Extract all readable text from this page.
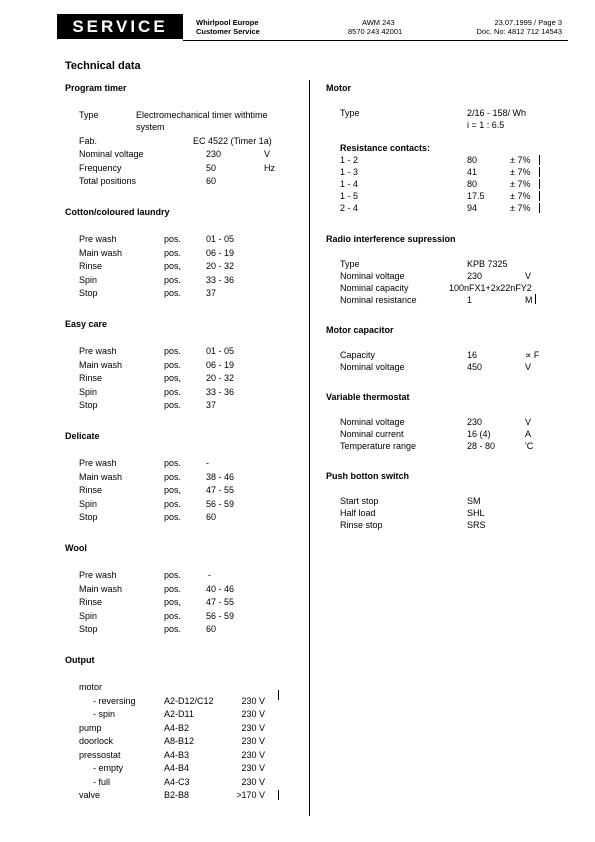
SERVICE	Whirlpool Europe
Customer Service
AWM 243
8570 243 42001
23.07.1999 / Page 3
Doc. No: 4812 712 14543
Technical data
Program timer
Type	Electromechanical timer withtime
system
Fab.	EC 4522 (Timer 1a)
Nominal voltage	230	V
Frequency	50	Hz
Total positions	60
Cotton/coloured laundry
Pre wash	pos.	01 - 05
Main wash	pos.	06 - 19
Rinse	pos,	20 - 32
Spin	pos.	33 - 36
Stop	pos.	37
Easy care
Pre wash	pos.	01 - 05
Main wash	pos.	06 - 19
Rinse	pos,	20 - 32
Spin	pos.	33 - 36
Stop	pos.	37
Delicate
Pre wash	pos.	-
Main wash	pos.	38 - 46
Rinse	pos,	47 - 55
Spin	pos.	56 - 59
Stop	pos.	60
Wool
Pre wash	pos.	-
Main wash	pos.	40 - 46
Rinse	pos,	47 - 55
Spin	pos.	56 - 59
Stop	pos.	60
Output
motor
- reversing	A2-D12/C12	230 V
- spin	A2-D11	230 V
pump	A4-B2	230 V
doorlock	A8-B12	230 V
pressostat	A4-B3	230 V
- empty	A4-B4	230 V
- full	A4-C3	230 V
valve	B2-B8	>170 V
Motor
Type	2/16 - 158/ Wh
i = 1 : 6.5
Resistance contacts:
1 - 2	80	± 7%
1 - 3	41	± 7%
1 - 4	80	± 7%
1 - 5	17.5	± 7%
2 - 4	94	± 7%
Radio interference supression
Type	KPB 7325
Nominal voltage	230	V
Nominal capacity	100nFX1+2x22nFY2
Nominal resistance	1	M
Motor capacitor
Capacity	16	∝ F
Nominal voltage	450	V
Variable thermostat
Nominal voltage	230	V
Nominal current	16 (4)	A
Temperature range	28 - 80	'C
Push botton switch
Start stop	SM
Half load	SHL
Rinse stop	SRS
